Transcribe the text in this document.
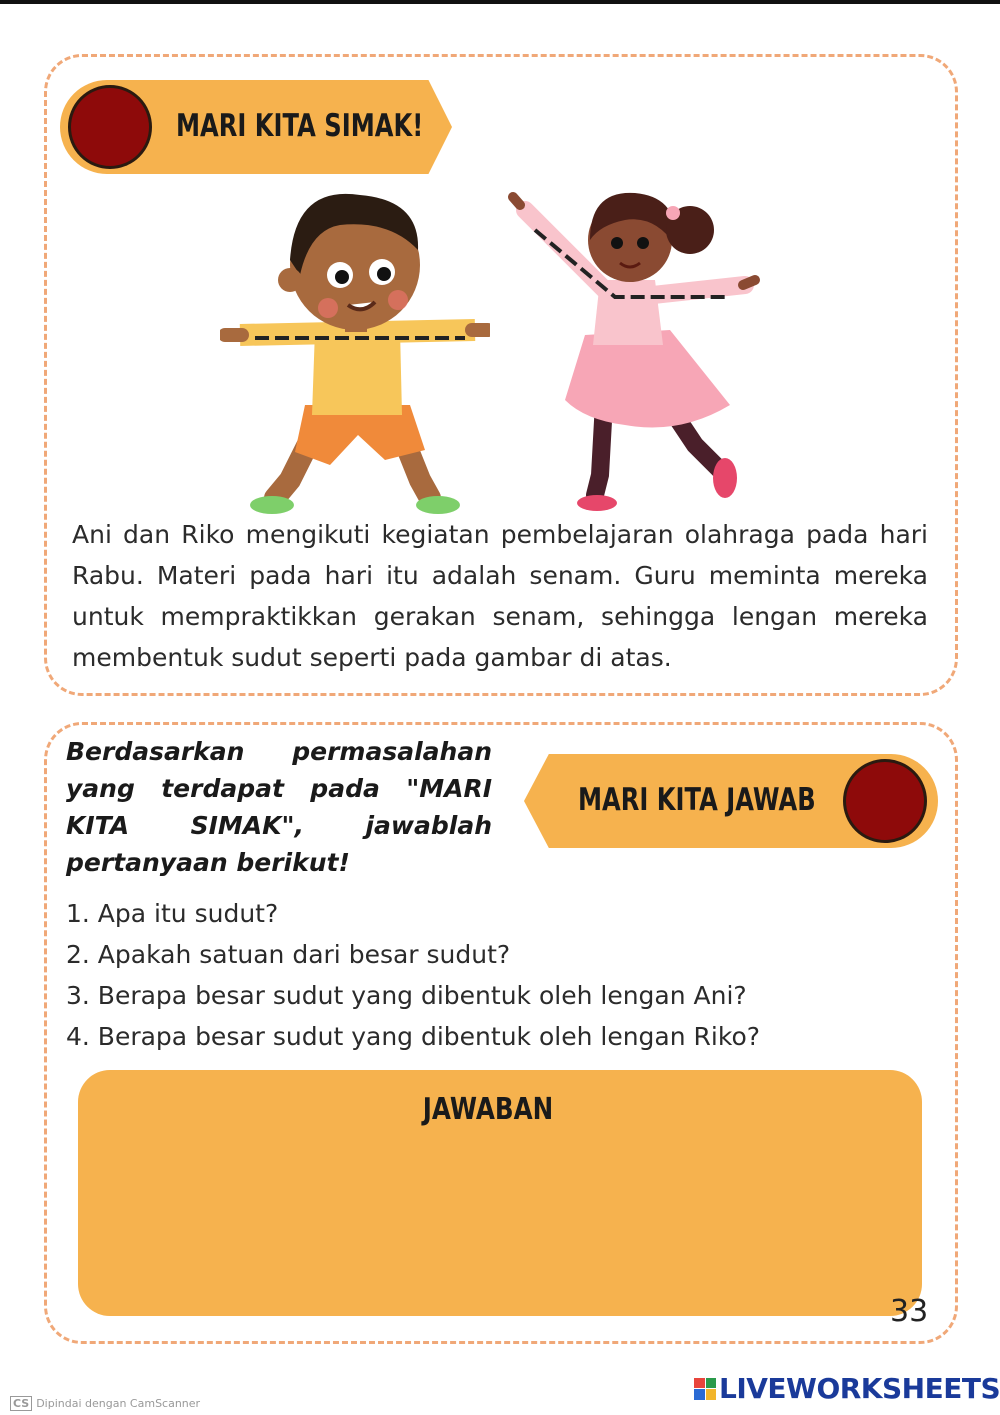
MARI KITA SIMAK!
Ani dan Riko mengikuti kegiatan pembelajaran olahraga pada hari Rabu. Materi pada hari itu adalah senam. Guru meminta mereka untuk mempraktikkan gerakan senam, sehingga lengan mereka membentuk sudut seperti pada gambar di atas.
Berdasarkan permasalahan yang terdapat pada "MARI KITA SIMAK", jawablah pertanyaan berikut!
MARI KITA JAWAB
1. Apa itu sudut?
2. Apakah satuan dari besar sudut?
3. Berapa besar sudut yang dibentuk oleh lengan Ani?
4. Berapa besar sudut yang dibentuk oleh lengan Riko?
JAWABAN
33
CS Dipindai dengan CamScanner	LIVEWORKSHEETS
